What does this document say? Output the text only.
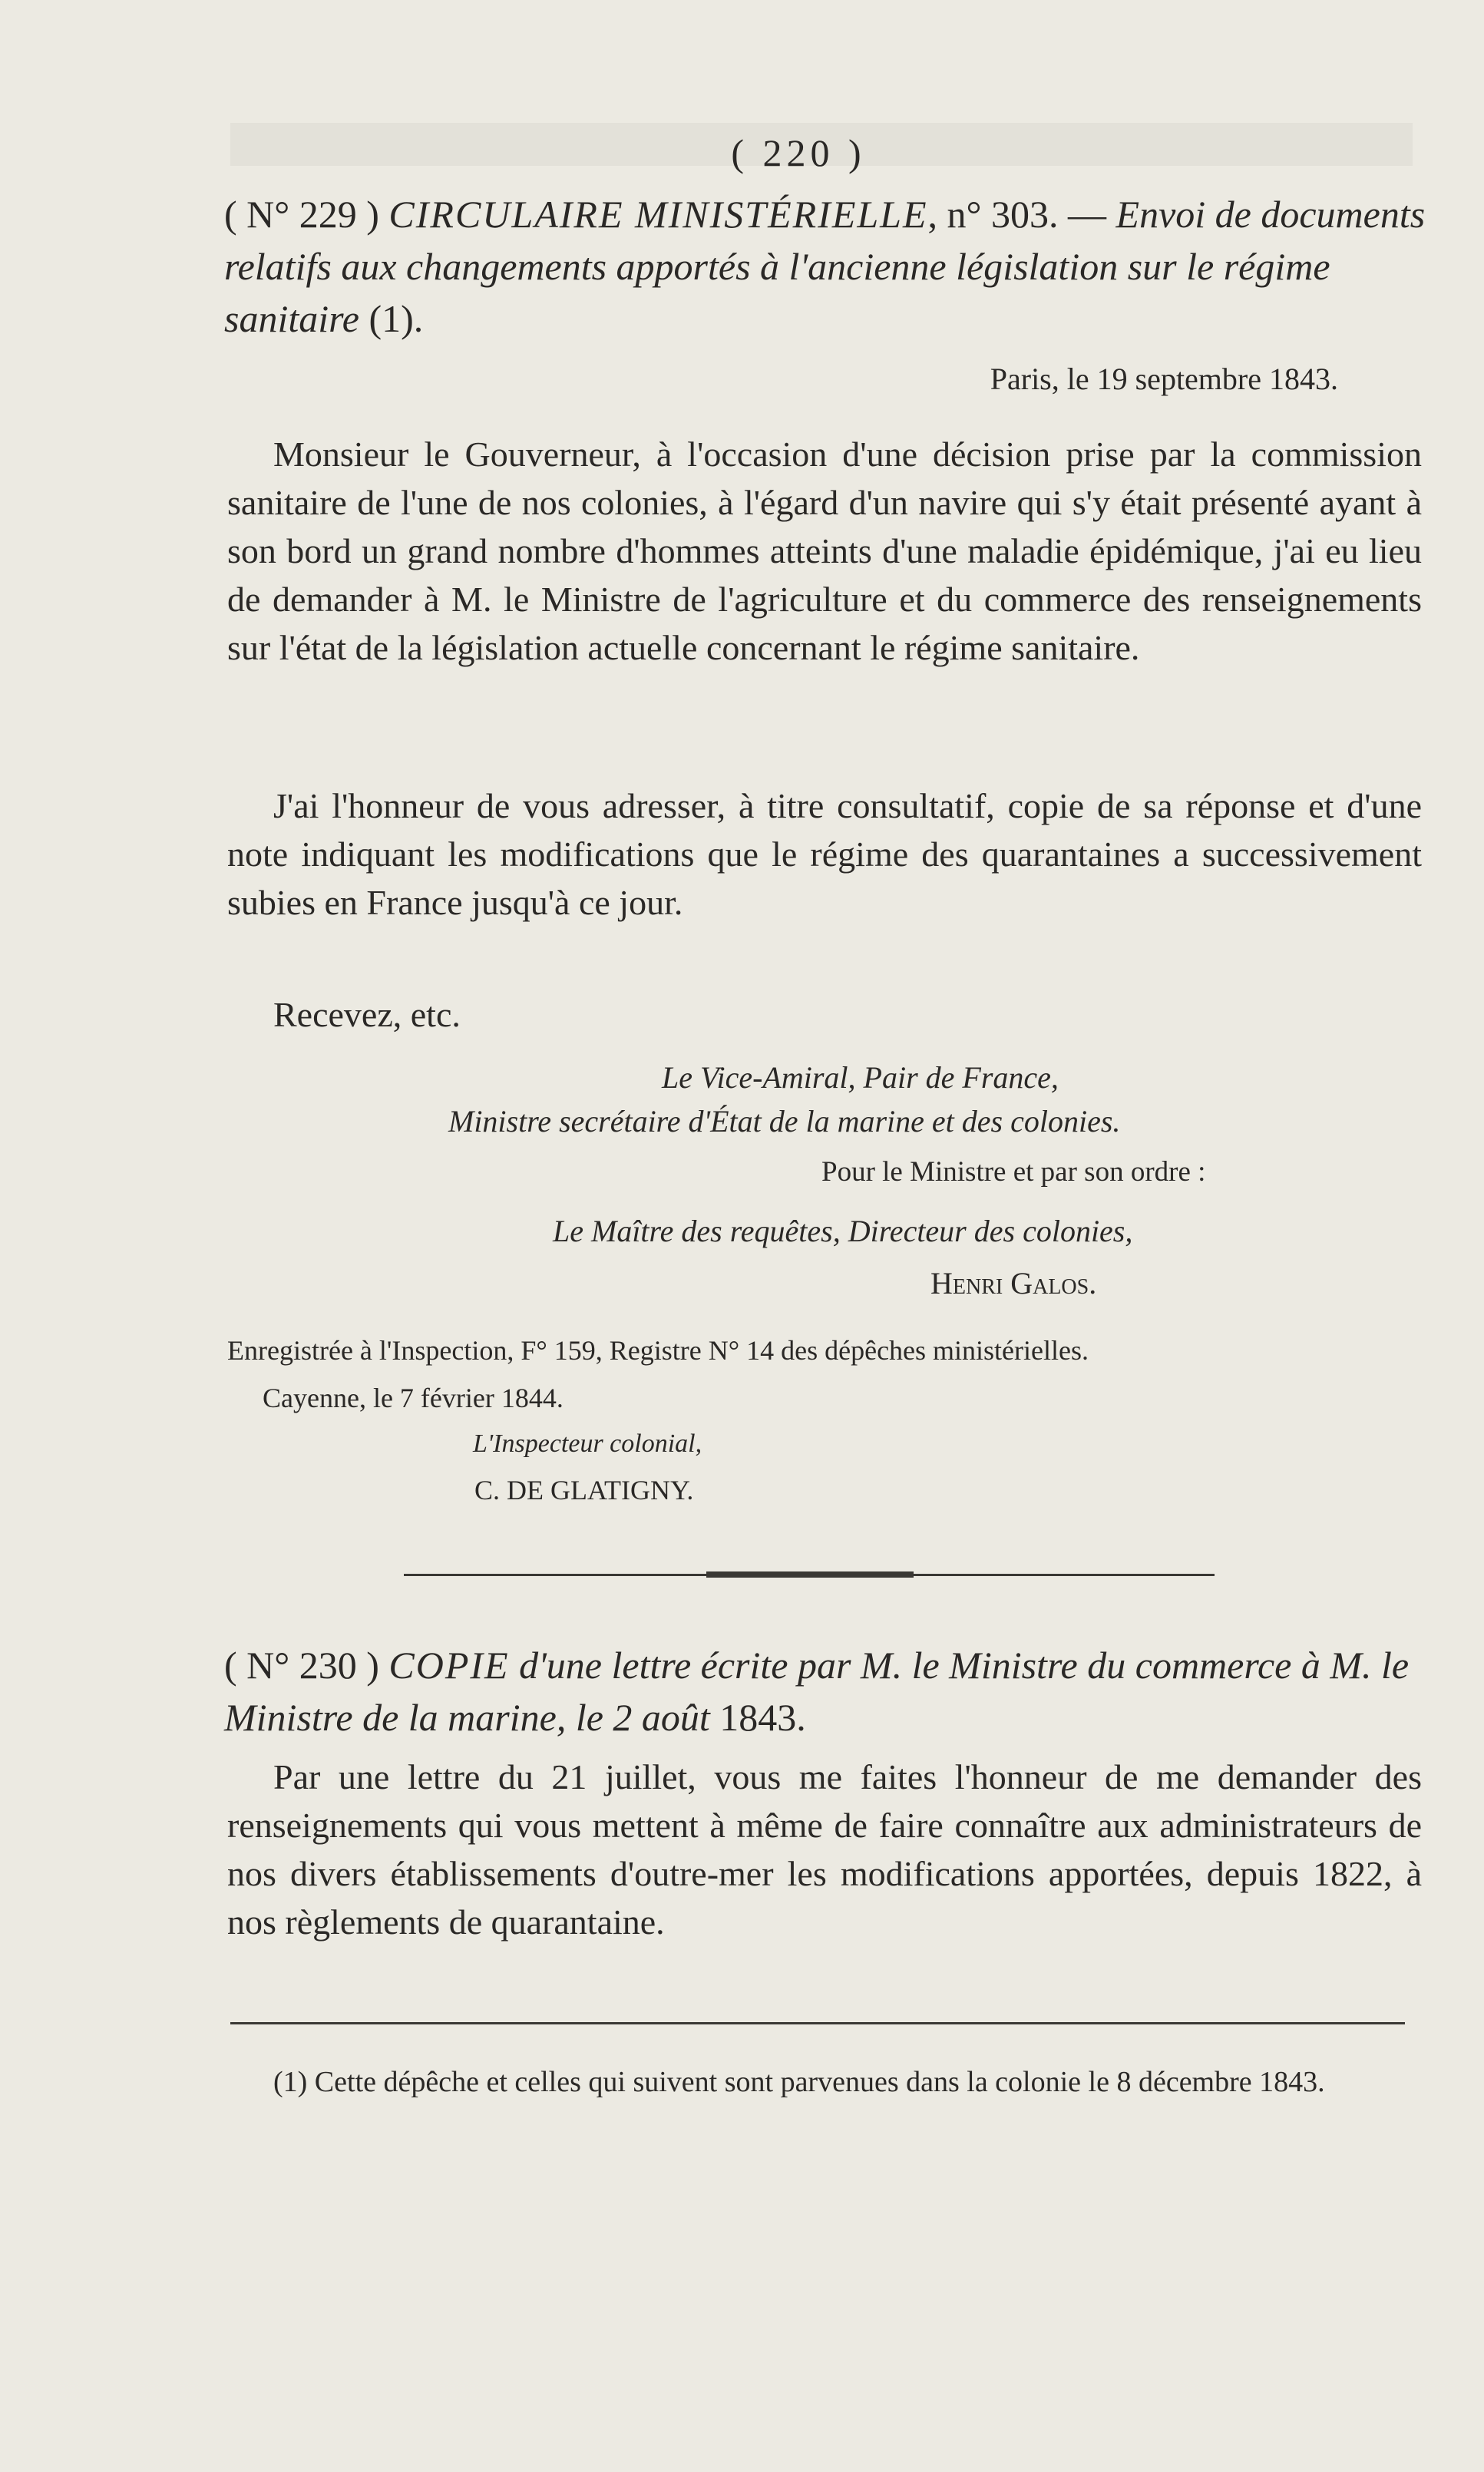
( 220 )

( N° 229 ) CIRCULAIRE MINISTÉRIELLE, n° 303. — Envoi de documents relatifs aux changements apportés à l'ancienne législation sur le régime sanitaire (1).

Paris, le 19 septembre 1843.

Monsieur le Gouverneur, à l'occasion d'une décision prise par la commission sanitaire de l'une de nos colonies, à l'égard d'un navire qui s'y était présenté ayant à son bord un grand nombre d'hommes atteints d'une maladie épidémique, j'ai eu lieu de demander à M. le Ministre de l'agriculture et du commerce des renseignements sur l'état de la législation actuelle concernant le régime sanitaire.

J'ai l'honneur de vous adresser, à titre consultatif, copie de sa réponse et d'une note indiquant les modifications que le régime des quarantaines a successivement subies en France jusqu'à ce jour.

Recevez, etc.

Le Vice-Amiral, Pair de France,
Ministre secrétaire d'État de la marine et des colonies.
Pour le Ministre et par son ordre :
Le Maître des requêtes, Directeur des colonies,
Henri Galos.
Enregistrée à l'Inspection, F° 159, Registre N° 14 des dépêches ministérielles.
Cayenne, le 7 février 1844.
L'Inspecteur colonial,
C. DE GLATIGNY.

( N° 230 ) COPIE d'une lettre écrite par M. le Ministre du commerce à M. le Ministre de la marine, le 2 août 1843.

Par une lettre du 21 juillet, vous me faites l'honneur de me demander des renseignements qui vous mettent à même de faire connaître aux administrateurs de nos divers établissements d'outre-mer les modifications apportées, depuis 1822, à nos règlements de quarantaine.

(1) Cette dépêche et celles qui suivent sont parvenues dans la colonie le 8 décembre 1843.
